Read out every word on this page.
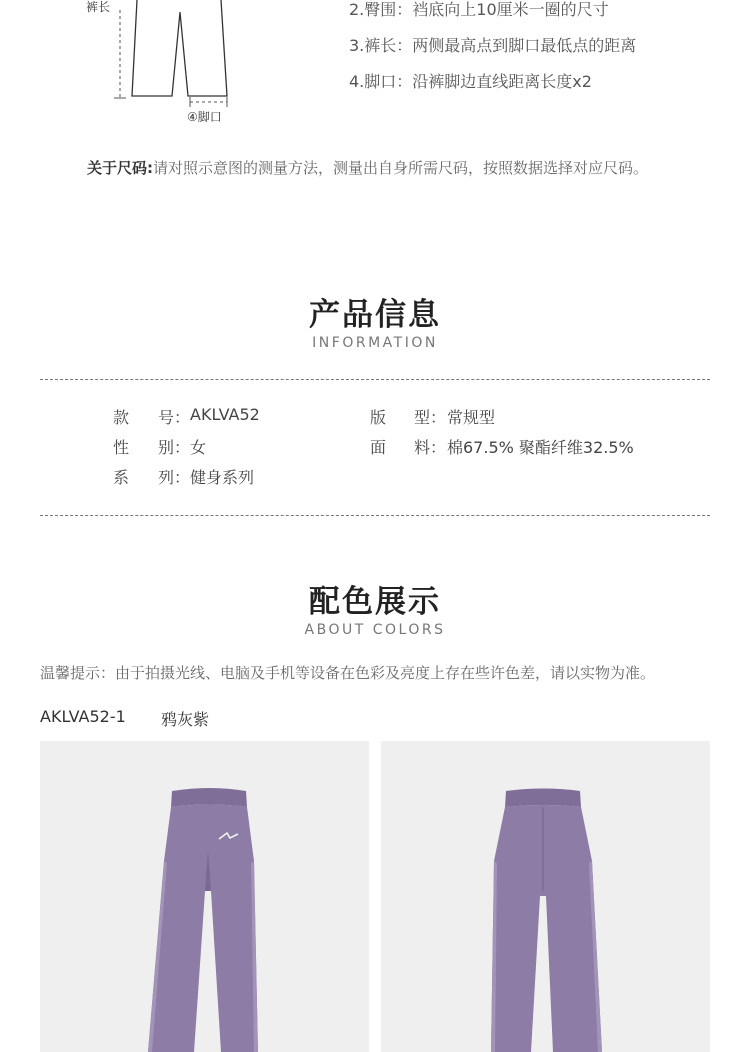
裤长
④脚口
2.臀围：裆底向上10厘米一圈的尺寸
3.裤长：两侧最高点到脚口最低点的距离
4.脚口：沿裤脚边直线距离长度x2
关于尺码:请对照示意图的测量方法，测量出自身所需尺码，按照数据选择对应尺码。
产品信息
INFORMATION
款 号 ： AKLVA52	版 型 ： 常规型
性 别 ： 女	面 料 ： 棉67.5% 聚酯纤维32.5%
系 列 ： 健身系列
配色展示
ABOUT COLORS
温馨提示：由于拍摄光线、电脑及手机等设备在色彩及亮度上存在些许色差，请以实物为准。
AKLVA52-1 鸦灰紫
